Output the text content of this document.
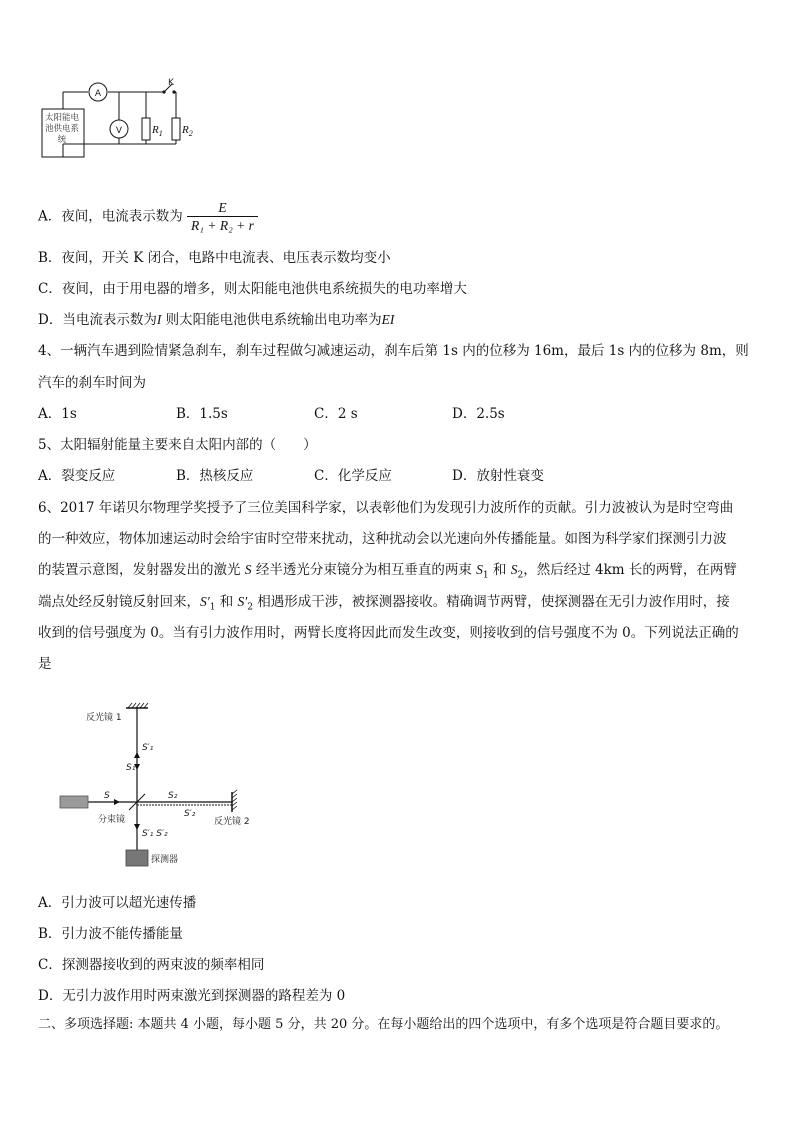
A
V
K
$R_1$ $R_2$
太阳能电池供电系统
A．夜间，电流表示数为 $\frac{E}{\text{R₁ + R₂ + r}}$
B．夜间，开关 K 闭合，电路中电流表、电压表示数均变小
C．夜间，由于用电器的增多，则太阳能电池供电系统损失的电功率增大
D．当电流表示数为I 则太阳能电池供电系统输出电功率为EI
4、一辆汽车遇到险情紧急刹车，刹车过程做匀减速运动，刹车后第 1s 内的位移为 16m，最后 1s 内的位移为 8m，则
汽车的刹车时间为
A．1s	B．1.5s	C．2 s	D．2.5s
5、太阳辐射能量主要来自太阳内部的（　　）
A．裂变反应	B．热核反应	C．化学反应	D．放射性衰变
6、2017 年诺贝尔物理学奖授予了三位美国科学家，以表彰他们为发现引力波所作的贡献。引力波被认为是时空弯曲
的一种效应，物体加速运动时会给宇宙时空带来扰动，这种扰动会以光速向外传播能量。如图为科学家们探测引力波
的装置示意图，发射器发出的激光 S 经半透光分束镜分为相互垂直的两束 $S_1$ 和 $S_2$，然后经过 4km 长的两臂，在两臂
端点处经反射镜反射回来，$S'_1$ 和 $S'_2$ 相遇形成干涉，被探测器接收。精确调节两臂，使探测器在无引力波作用时，接
收到的信号强度为 0。当有引力波作用时，两臂长度将因此而发生改变，则接收到的信号强度不为 0。下列说法正确的
是
反光镜 1
反光镜 2
分束镜
探测器
S
S′₁
S₁
S₂
S′₂
S′₁ S′₂
A．引力波可以超光速传播
B．引力波不能传播能量
C．探测器接收到的两束波的频率相同
D．无引力波作用时两束激光到探测器的路程差为 0
二、多项选择题: 本题共 4 小题，每小题 5 分，共 20 分。在每小题给出的四个选项中，有多个选项是符合题目要求的。
